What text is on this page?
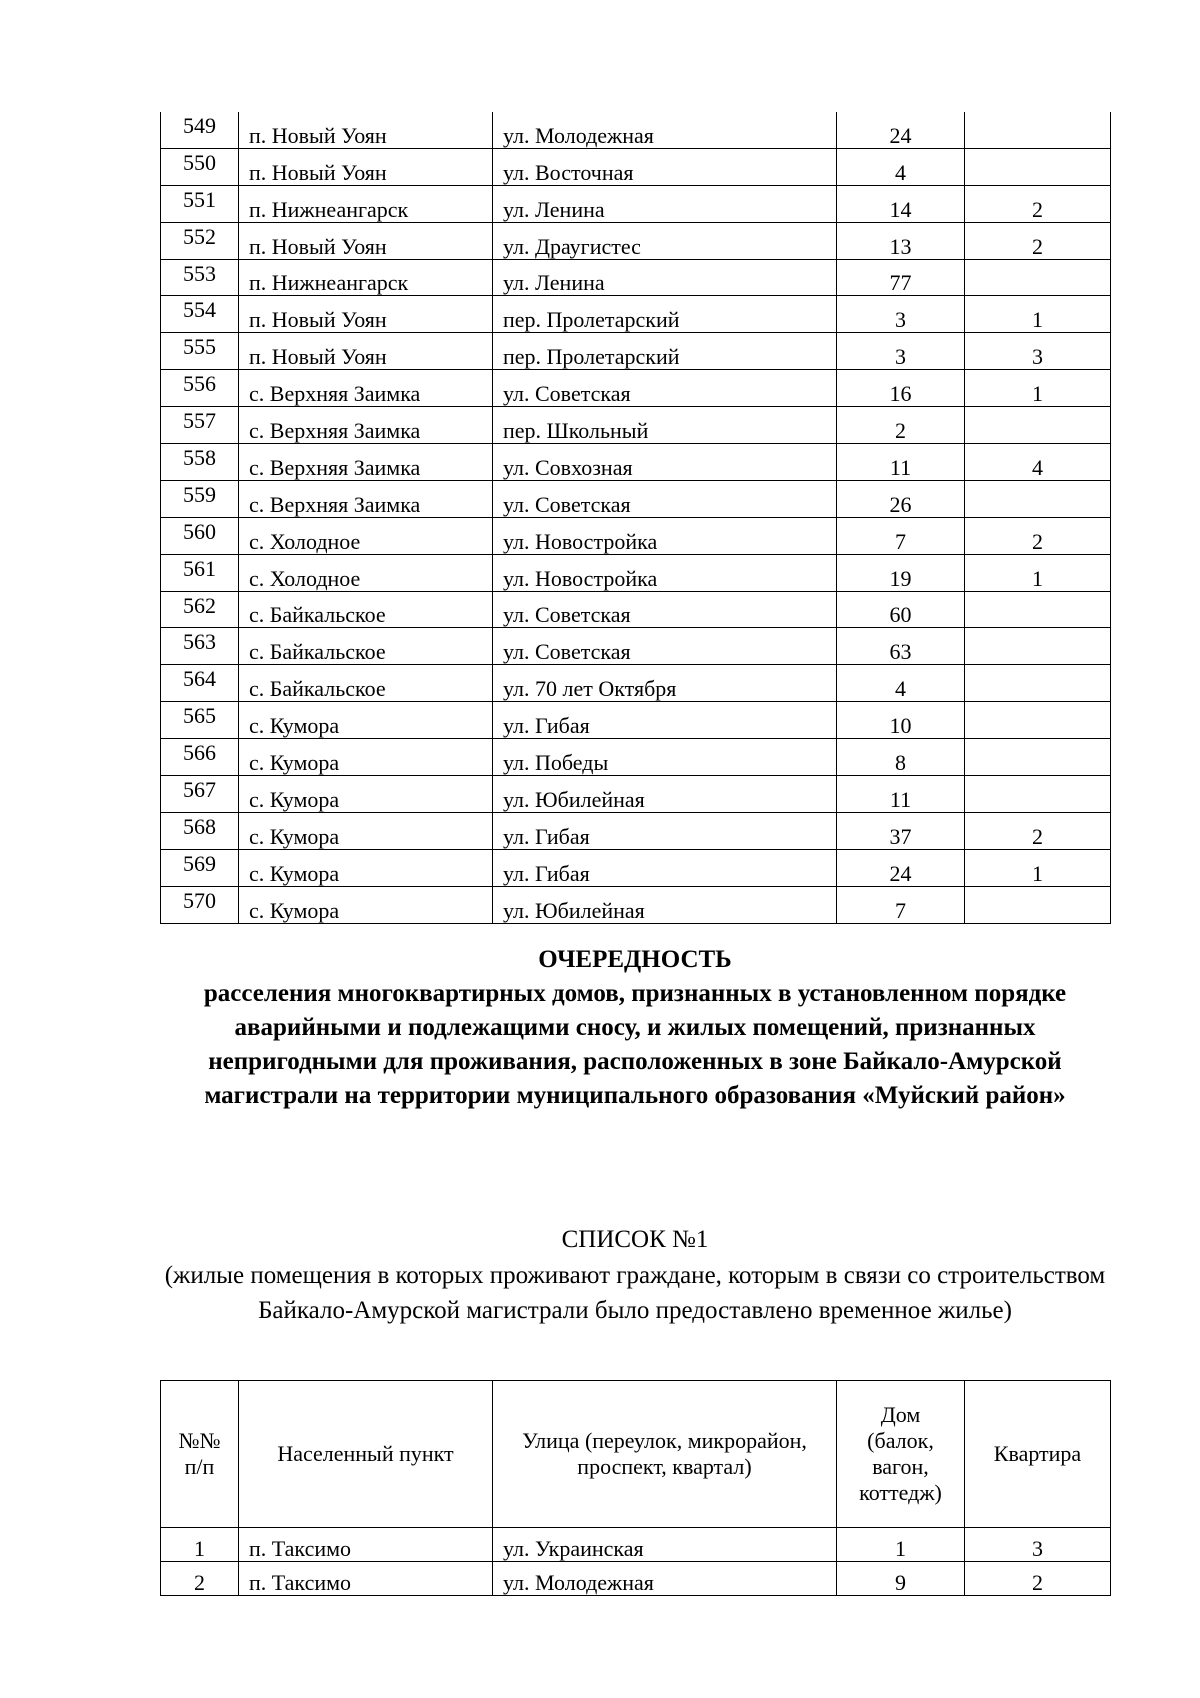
549	п. Новый Уоян	ул. Молодежная	24	
550	п. Новый Уоян	ул. Восточная	4	
551	п. Нижнеангарск	ул. Ленина	14	2
552	п. Новый Уоян	ул. Драугистес	13	2
553	п. Нижнеангарск	ул. Ленина	77	
554	п. Новый Уоян	пер. Пролетарский	3	1
555	п. Новый Уоян	пер. Пролетарский	3	3
556	с. Верхняя Заимка	ул. Советская	16	1
557	с. Верхняя Заимка	пер. Школьный	2	
558	с. Верхняя Заимка	ул. Совхозная	11	4
559	с. Верхняя Заимка	ул. Советская	26	
560	с. Холодное	ул. Новостройка	7	2
561	с. Холодное	ул. Новостройка	19	1
562	с. Байкальское	ул. Советская	60	
563	с. Байкальское	ул. Советская	63	
564	с. Байкальское	ул. 70 лет Октября	4	
565	с. Кумора	ул. Гибая	10	
566	с. Кумора	ул. Победы	8	
567	с. Кумора	ул. Юбилейная	11	
568	с. Кумора	ул. Гибая	37	2
569	с. Кумора	ул. Гибая	24	1
570	с. Кумора	ул. Юбилейная	7	
ОЧЕРЕДНОСТЬ
расселения многоквартирных домов, признанных в установленном порядке аварийными и подлежащими сносу, и жилых помещений, признанных непригодными для проживания, расположенных в зоне Байкало-Амурской магистрали на территории муниципального образования «Муйский район»
СПИСОК №1
(жилые помещения в которых проживают граждане, которым в связи со строительством Байкало-Амурской магистрали было предоставлено временное жилье)
№№ п/п	Населенный пункт	Улица (переулок, микрорайон, проспект, квартал)	Дом (балок, вагон, коттедж)	Квартира
1	п. Таксимо	ул. Украинская	1	3
2	п. Таксимо	ул. Молодежная	9	2
